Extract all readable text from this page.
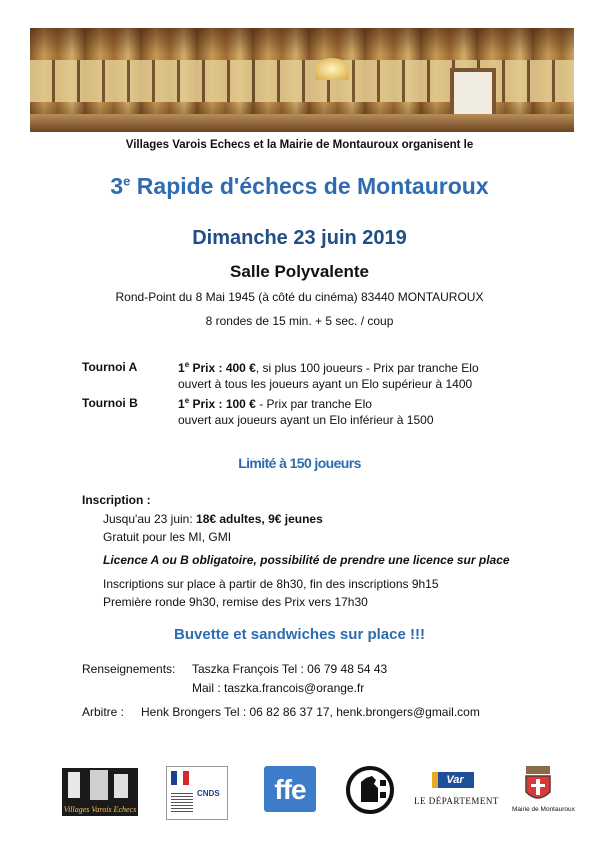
Villages Varois Echecs et la Mairie de Montauroux organisent le
3e Rapide d'échecs de Montauroux
Dimanche 23 juin 2019
Salle Polyvalente
Rond-Point du 8 Mai 1945 (à côté du cinéma) 83440 MONTAUROUX
8 rondes de 15 min. + 5 sec. / coup
Tournoi A	1e Prix : 400 €, si plus 100 joueurs - Prix par tranche Elo
ouvert à tous les joueurs ayant un Elo supérieur à 1400
Tournoi B	1e Prix : 100 € - Prix par tranche Elo
ouvert aux joueurs ayant un Elo inférieur à 1500
Limité à 150 joueurs
Inscription :
Jusqu'au 23 juin: 18€ adultes, 9€ jeunes
Gratuit pour les MI, GMI
Licence A ou B obligatoire, possibilité de prendre une licence sur place
Inscriptions sur place à partir de 8h30, fin des inscriptions 9h15
Première ronde 9h30, remise des Prix vers 17h30
Buvette et sandwiches sur place !!!
Renseignements: Taszka François Tel : 06 79 48 54 43
Mail : taszka.francois@orange.fr
Arbitre : Henk Brongers Tel : 06 82 86 37 17, henk.brongers@gmail.com
Villages Varois Echecs
CNDS	ffe	Var
LE DÉPARTEMENT
Mairie de Montauroux
